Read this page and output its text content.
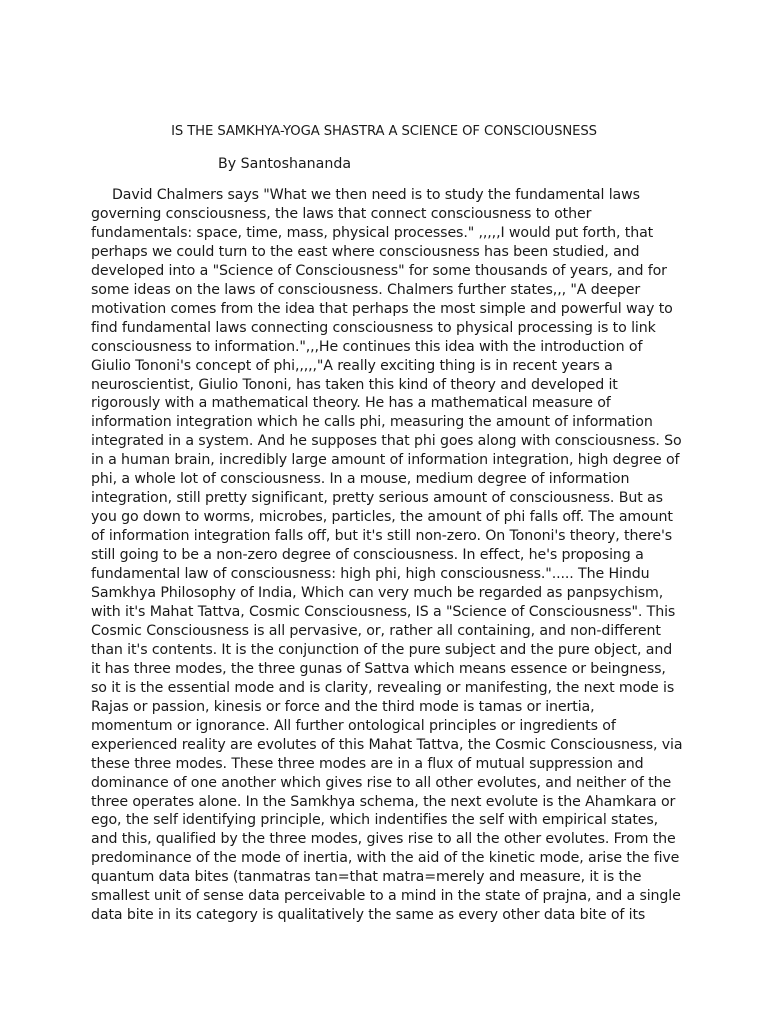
IS THE SAMKHYA-YOGA SHASTRA A SCIENCE OF CONSCIOUSNESS
By Santoshananda
David Chalmers says "What we then need is to study the fundamental laws
governing consciousness, the laws that connect consciousness to other
fundamentals: space, time, mass, physical processes." ,,,,,I would put forth, that
perhaps we could turn to the east where consciousness has been studied, and
developed into a "Science of Consciousness" for some thousands of years, and for
some ideas on the laws of consciousness. Chalmers further states,,, "A deeper
motivation comes from the idea that perhaps the most simple and powerful way to
find fundamental laws connecting consciousness to physical processing is to link
consciousness to information.",,,He continues this idea with the introduction of
Giulio Tononi's concept of phi,,,,,"A really exciting thing is in recent years a
neuroscientist, Giulio Tononi, has taken this kind of theory and developed it
rigorously with a mathematical theory. He has a mathematical measure of
information integration which he calls phi, measuring the amount of information
integrated in a system. And he supposes that phi goes along with consciousness. So
in a human brain, incredibly large amount of information integration, high degree of
phi, a whole lot of consciousness. In a mouse, medium degree of information
integration, still pretty significant, pretty serious amount of consciousness. But as
you go down to worms, microbes, particles, the amount of phi falls off. The amount
of information integration falls off, but it's still non-zero. On Tononi's theory, there's
still going to be a non-zero degree of consciousness. In effect, he's proposing a
fundamental law of consciousness: high phi, high consciousness."..... The Hindu
Samkhya Philosophy of India, Which can very much be regarded as panpsychism,
with it's Mahat Tattva, Cosmic Consciousness, IS a "Science of Consciousness". This
Cosmic Consciousness is all pervasive, or, rather all containing, and non-different
than it's contents. It is the conjunction of the pure subject and the pure object, and
it has three modes, the three gunas of Sattva which means essence or beingness,
so it is the essential mode and is clarity, revealing or manifesting, the next mode is
Rajas or passion, kinesis or force and the third mode is tamas or inertia,
momentum or ignorance. All further ontological principles or ingredients of
experienced reality are evolutes of this Mahat Tattva, the Cosmic Consciousness, via
these three modes. These three modes are in a flux of mutual suppression and
dominance of one another which gives rise to all other evolutes, and neither of the
three operates alone. In the Samkhya schema, the next evolute is the Ahamkara or
ego, the self identifying principle, which indentifies the self with empirical states,
and this, qualified by the three modes, gives rise to all the other evolutes. From the
predominance of the mode of inertia, with the aid of the kinetic mode, arise the five
quantum data bites (tanmatras tan=that matra=merely and measure, it is the
smallest unit of sense data perceivable to a mind in the state of prajna, and a single
data bite in its category is qualitatively the same as every other data bite of its
